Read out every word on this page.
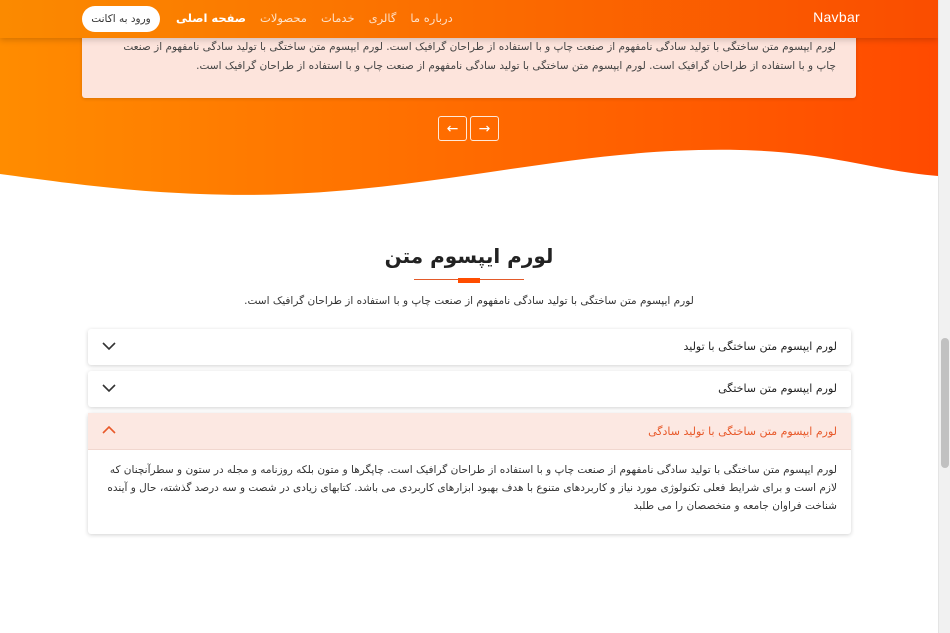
لورم ایپسوم متن ساختگی با تولید سادگی نامفهوم از صنعت چاپ و با استفاده از طراحان گرافیک است. لورم ایپسوم متن ساختگی با تولید سادگی نامفهوم از صنعت چاپ و با استفاده از طراحان گرافیک است. لورم ایپسوم متن ساختگی با تولید سادگی نامفهوم از صنعت چاپ و با استفاده از طراحان گرافیک است.

←	→
Navbar
صفحه اصلی محصولات خدمات گالری درباره ما
ورود به اکانت
لورم ایپسوم متن

لورم ایپسوم متن ساختگی با تولید سادگی نامفهوم از صنعت چاپ و با استفاده از طراحان گرافیک است.

لورم ایپسوم متن ساختگی با تولید
لورم ایپسوم متن ساختگی
لورم ایپسوم متن ساختگی با تولید سادگی

لورم ایپسوم متن ساختگی با تولید سادگی نامفهوم از صنعت چاپ و با استفاده از طراحان گرافیک است. چاپگرها و متون بلکه روزنامه و مجله در ستون و سطرآنچنان که لازم است و برای شرایط فعلی تکنولوژی مورد نیاز و کاربردهای متنوع با هدف بهبود ابزارهای کاربردی می باشد. کتابهای زیادی در شصت و سه درصد گذشته، حال و آینده شناخت فراوان جامعه و متخصصان را می طلبد
